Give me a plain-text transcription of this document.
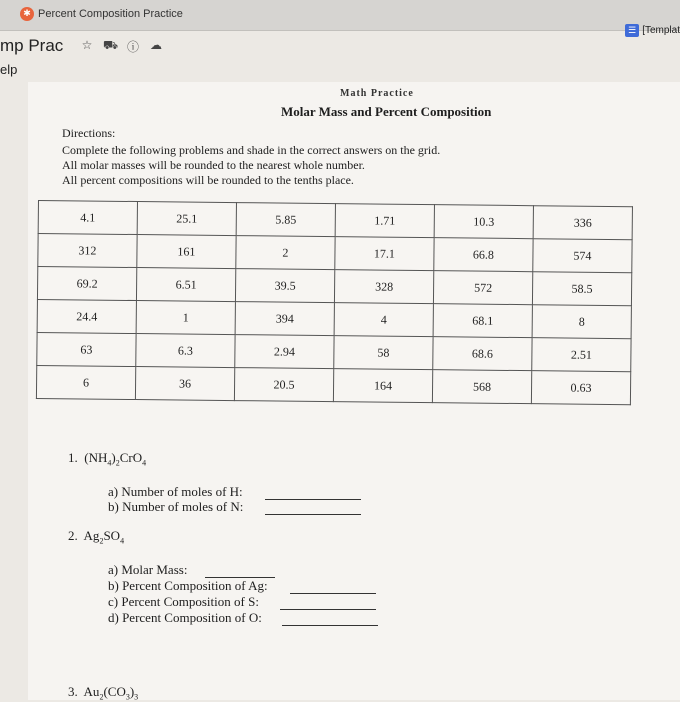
✱ Percent Composition Practice
☰ [Templat
mp Prac ☆ ⛟ ⓘ ☁
elp
Math Practice
Molar Mass and Percent Composition
Directions:
Complete the following problems and shade in the correct answers on the grid.
All molar masses will be rounded to the nearest whole number.
All percent compositions will be rounded to the tenths place.
4.1	25.1	5.85	1.71	10.3	336
312	161	2	17.1	66.8	574
69.2	6.51	39.5	328	572	58.5
24.4	1	394	4	68.1	8
63	6.3	2.94	58	68.6	2.51
6	36	20.5	164	568	0.63
1. $(NH_4)_2CrO_4$
a) Number of moles of H:
b) Number of moles of N:
2. $Ag_2SO_4$
a) Molar Mass:
b) Percent Composition of Ag:
c) Percent Composition of S:
d) Percent Composition of O:
3. $Au_2(CO_3)_3$
